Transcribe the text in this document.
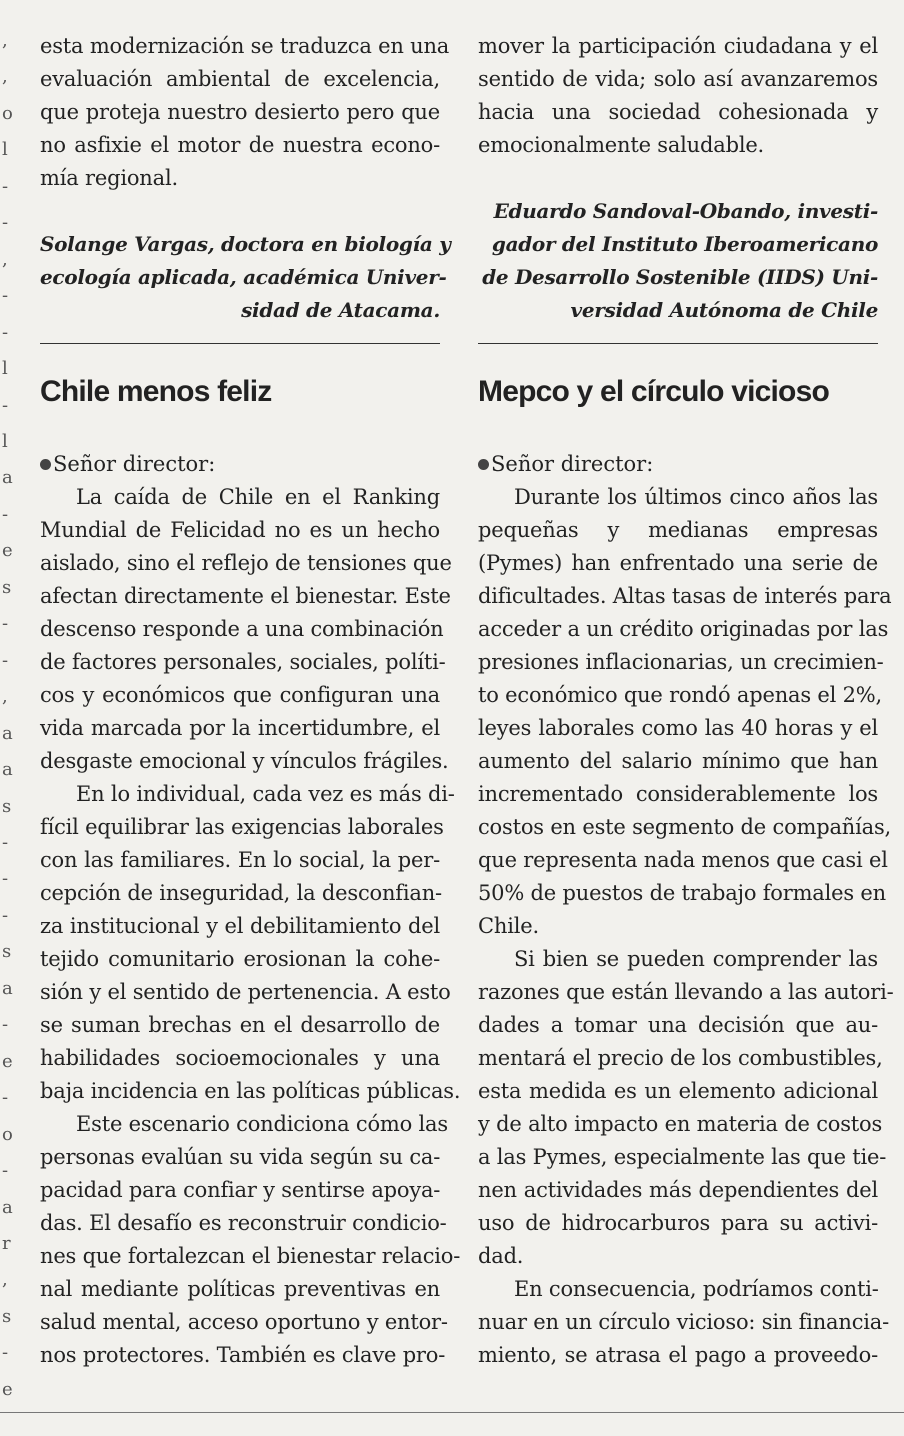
,
,
o
l
-
-
,
-
-
l
-
l
a
-
e
s
-
-
,
a
a
s
-
-
-
s
a
-
e
-
o
-
a
r
,
s
-
e
esta modernización se traduzca en una
evaluación ambiental de excelencia,
que proteja nuestro desierto pero que
no asfixie el motor de nuestra econo-
mía regional.
Solange Vargas, doctora en biología y
ecología aplicada, académica Univer-
sidad de Atacama.
Chile menos feliz
Señor director:
La caída de Chile en el Ranking
Mundial de Felicidad no es un hecho
aislado, sino el reflejo de tensiones que
afectan directamente el bienestar. Este
descenso responde a una combinación
de factores personales, sociales, políti-
cos y económicos que configuran una
vida marcada por la incertidumbre, el
desgaste emocional y vínculos frágiles.
En lo individual, cada vez es más di-
fícil equilibrar las exigencias laborales
con las familiares. En lo social, la per-
cepción de inseguridad, la desconfian-
za institucional y el debilitamiento del
tejido comunitario erosionan la cohe-
sión y el sentido de pertenencia. A esto
se suman brechas en el desarrollo de
habilidades socioemocionales y una
baja incidencia en las políticas públicas.
Este escenario condiciona cómo las
personas evalúan su vida según su ca-
pacidad para confiar y sentirse apoya-
das. El desafío es reconstruir condicio-
nes que fortalezcan el bienestar relacio-
nal mediante políticas preventivas en
salud mental, acceso oportuno y entor-
nos protectores. También es clave pro-
mover la participación ciudadana y el
sentido de vida; solo así avanzaremos
hacia una sociedad cohesionada y
emocionalmente saludable.
Eduardo Sandoval-Obando, investi-
gador del Instituto Iberoamericano
de Desarrollo Sostenible (IIDS) Uni-
versidad Autónoma de Chile
Mepco y el círculo vicioso
Señor director:
Durante los últimos cinco años las
pequeñas y medianas empresas
(Pymes) han enfrentado una serie de
dificultades. Altas tasas de interés para
acceder a un crédito originadas por las
presiones inflacionarias, un crecimien-
to económico que rondó apenas el 2%,
leyes laborales como las 40 horas y el
aumento del salario mínimo que han
incrementado considerablemente los
costos en este segmento de compañías,
que representa nada menos que casi el
50% de puestos de trabajo formales en
Chile.
Si bien se pueden comprender las
razones que están llevando a las autori-
dades a tomar una decisión que au-
mentará el precio de los combustibles,
esta medida es un elemento adicional
y de alto impacto en materia de costos
a las Pymes, especialmente las que tie-
nen actividades más dependientes del
uso de hidrocarburos para su activi-
dad.
En consecuencia, podríamos conti-
nuar en un círculo vicioso: sin financia-
miento, se atrasa el pago a proveedo-
